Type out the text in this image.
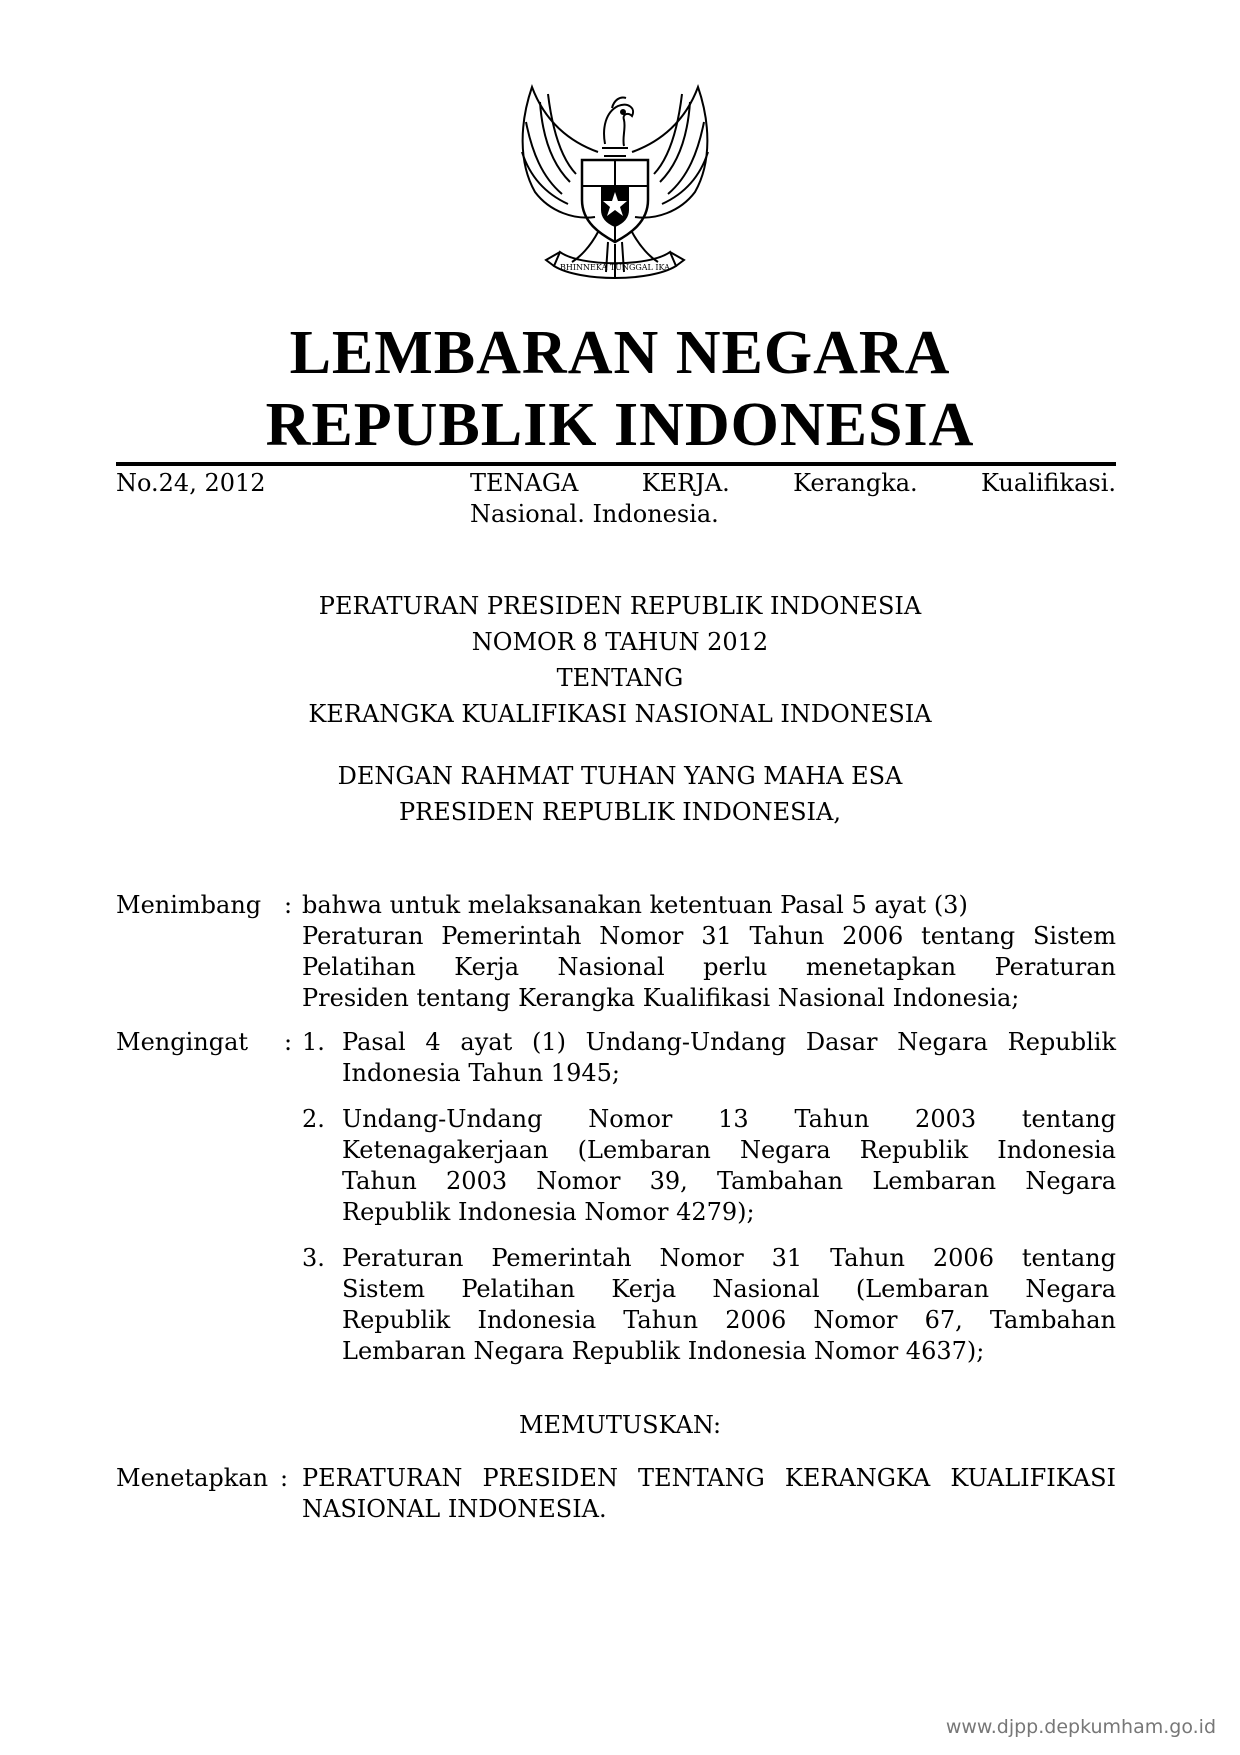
BHINNEKA TUNGGAL IKA
LEMBARAN NEGARA
REPUBLIK INDONESIA
No.24, 2012	TENAGA	KERJA.	Kerangka.	Kualifikasi.
Nasional. Indonesia.
PERATURAN PRESIDEN REPUBLIK INDONESIA
NOMOR 8 TAHUN 2012
TENTANG
KERANGKA KUALIFIKASI NASIONAL INDONESIA
DENGAN RAHMAT TUHAN YANG MAHA ESA
PRESIDEN REPUBLIK INDONESIA,
Menimbang : bahwa untuk melaksanakan ketentuan Pasal 5 ayat (3)
Peraturan Pemerintah Nomor 31 Tahun 2006 tentang Sistem
Pelatihan Kerja Nasional perlu menetapkan Peraturan
Presiden tentang Kerangka Kualifikasi Nasional Indonesia;
Mengingat : 1. Pasal 4 ayat (1) Undang-Undang Dasar Negara Republik
Indonesia Tahun 1945;
2. Undang-Undang Nomor 13 Tahun 2003 tentang
Ketenagakerjaan (Lembaran Negara Republik Indonesia
Tahun 2003 Nomor 39, Tambahan Lembaran Negara
Republik Indonesia Nomor 4279);
3. Peraturan Pemerintah Nomor 31 Tahun 2006 tentang
Sistem Pelatihan Kerja Nasional (Lembaran Negara
Republik Indonesia Tahun 2006 Nomor 67, Tambahan
Lembaran Negara Republik Indonesia Nomor 4637);
MEMUTUSKAN:
Menetapkan : PERATURAN PRESIDEN TENTANG KERANGKA KUALIFIKASI
NASIONAL INDONESIA.
www.djpp.depkumham.go.id
